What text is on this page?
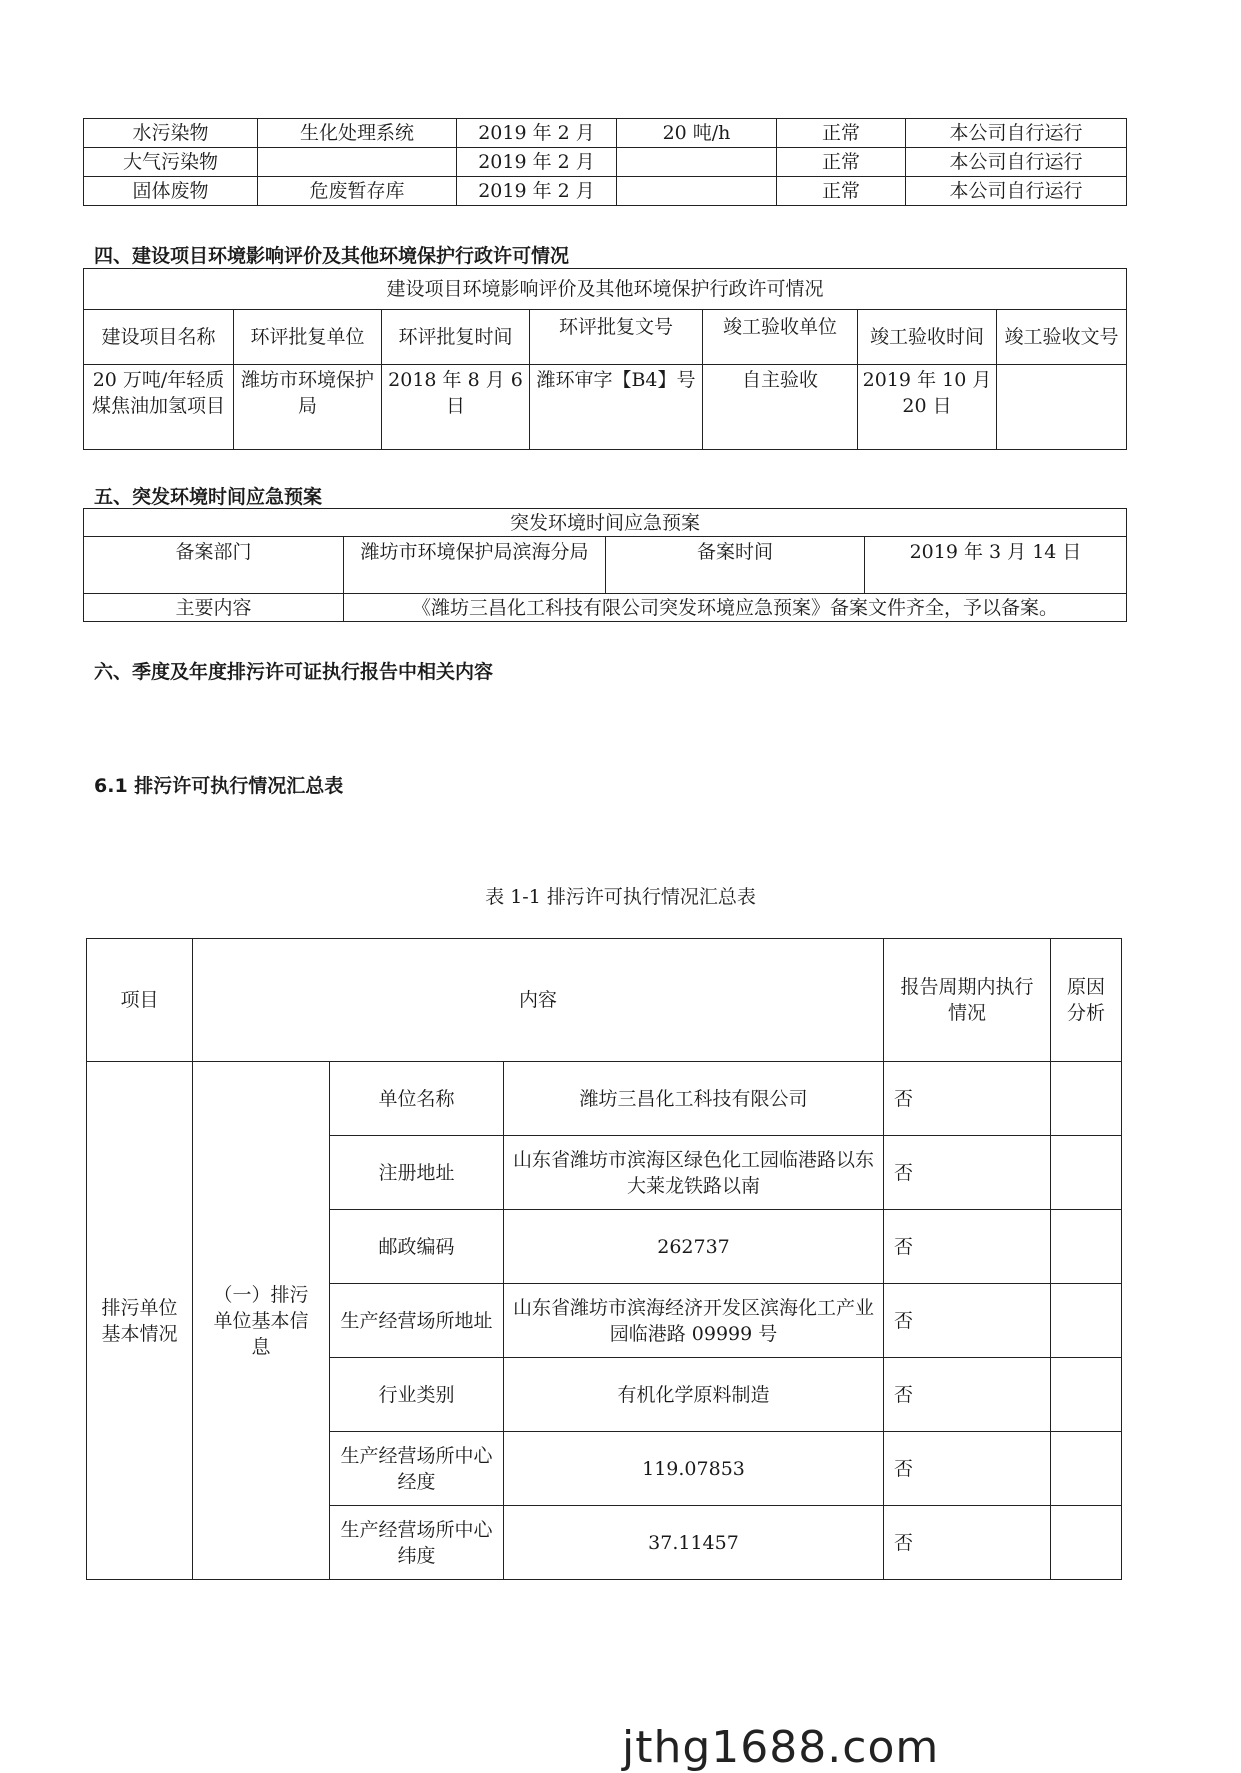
水污染物	生化处理系统	2019 年 2 月	20 吨/h	正常	本公司自行运行
大气污染物		2019 年 2 月		正常	本公司自行运行
固体废物	危废暂存库	2019 年 2 月		正常	本公司自行运行
四、建设项目环境影响评价及其他环境保护行政许可情况
建设项目环境影响评价及其他环境保护行政许可情况						
建设项目名称	环评批复单位	环评批复时间	环评批复文号	竣工验收单位	竣工验收时间	竣工验收文号
20 万吨/年轻质煤焦油加氢项目	潍坊市环境保护局	2018 年 8 月 6 日	潍环审字【B4】号	自主验收	2019 年 10 月 20 日	
五、突发环境时间应急预案
突发环境时间应急预案			
备案部门	潍坊市环境保护局滨海分局	备案时间	2019 年 3 月 14 日
主要内容	《潍坊三昌化工科技有限公司突发环境应急预案》备案文件齐全，予以备案。		
六、季度及年度排污许可证执行报告中相关内容
6.1 排污许可执行情况汇总表
表 1-1 排污许可执行情况汇总表
项目	内容			报告周期内执行情况	原因分析
排污单位基本情况	（一）排污单位基本信息	单位名称	潍坊三昌化工科技有限公司	否	
		注册地址	山东省潍坊市滨海区绿色化工园临港路以东大莱龙铁路以南	否	
		邮政编码	262737	否	
		生产经营场所地址	山东省潍坊市滨海经济开发区滨海化工产业园临港路 09999 号	否	
		行业类别	有机化学原料制造	否	
		生产经营场所中心经度	119.07853	否	
		生产经营场所中心纬度	37.11457	否	
jthg1688.com
